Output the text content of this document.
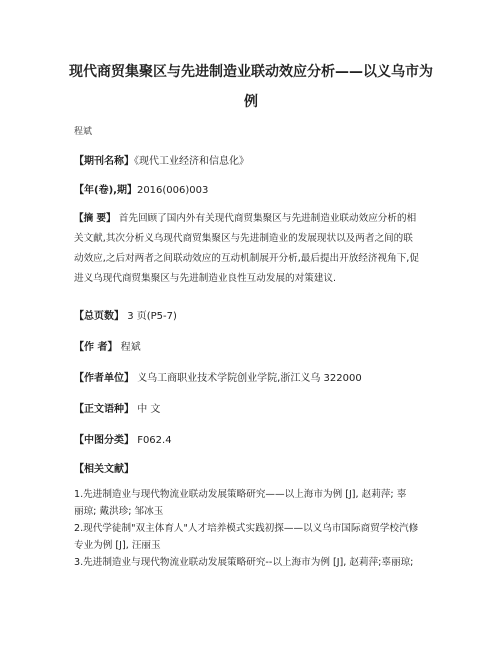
现代商贸集聚区与先进制造业联动效应分析——以义乌市为
例
程斌
【期刊名称】《现代工业经济和信息化》
【年(卷),期】2016(006)003
【摘 要】 首先回顾了国内外有关现代商贸集聚区与先进制造业联动效应分析的相
关文献,其次分析义乌现代商贸集聚区与先进制造业的发展现状以及两者之间的联
动效应,之后对两者之间联动效应的互动机制展开分析,最后提出开放经济视角下,促
进义乌现代商贸集聚区与先进制造业良性互动发展的对策建议.
【总页数】 3 页(P5-7)
【作 者】 程斌
【作者单位】 义乌工商职业技术学院创业学院,浙江义乌 322000
【正文语种】 中 文
【中图分类】 F062.4
【相关文献】
1.先进制造业与现代物流业联动发展策略研究——以上海市为例 [J], 赵莉萍; 辜
丽琼; 戴洪珍; 邹冰玉
2.现代学徒制"双主体育人"人才培养模式实践初探——以义乌市国际商贸学校汽修
专业为例 [J], 汪丽玉
3.先进制造业与现代物流业联动发展策略研究--以上海市为例 [J], 赵莉萍;辜丽琼;
